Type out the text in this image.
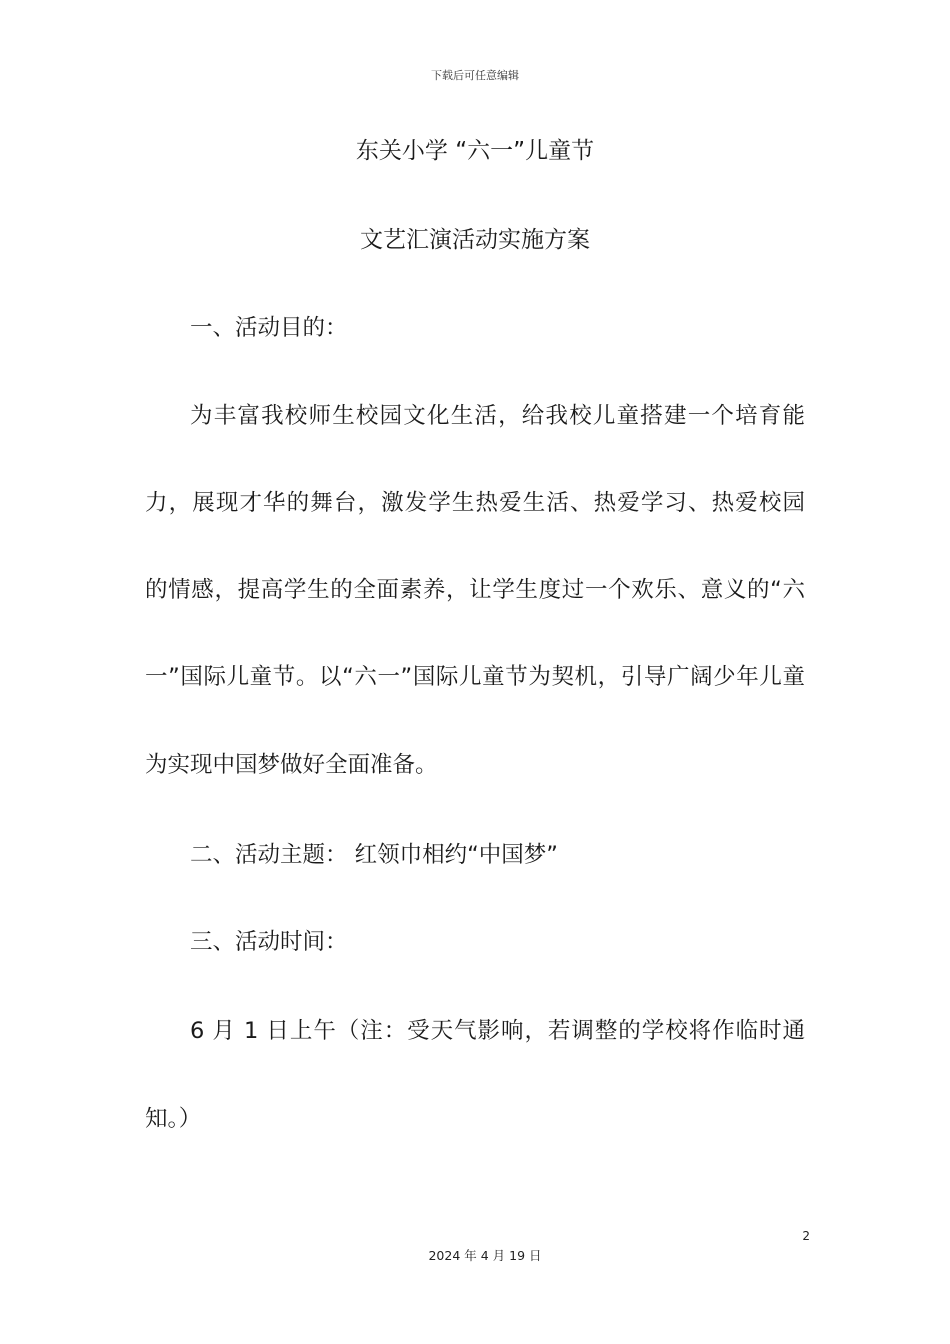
下载后可任意编辑
东关小学 “六一”儿童节
文艺汇演活动实施方案
一、活动目的：
为丰富我校师生校园文化生活，给我校儿童搭建一个培育能
力，展现才华的舞台，激发学生热爱生活、热爱学习、热爱校园
的情感，提高学生的全面素养，让学生度过一个欢乐、意义的“六
一”国际儿童节。以“六一”国际儿童节为契机，引导广阔少年儿童
为实现中国梦做好全面准备。
二、活动主题： 红领巾相约“中国梦”
三、活动时间：
6 月 1 日上午（注：受天气影响，若调整的学校将作临时通
知。）
2
2024 年 4 月 19 日
